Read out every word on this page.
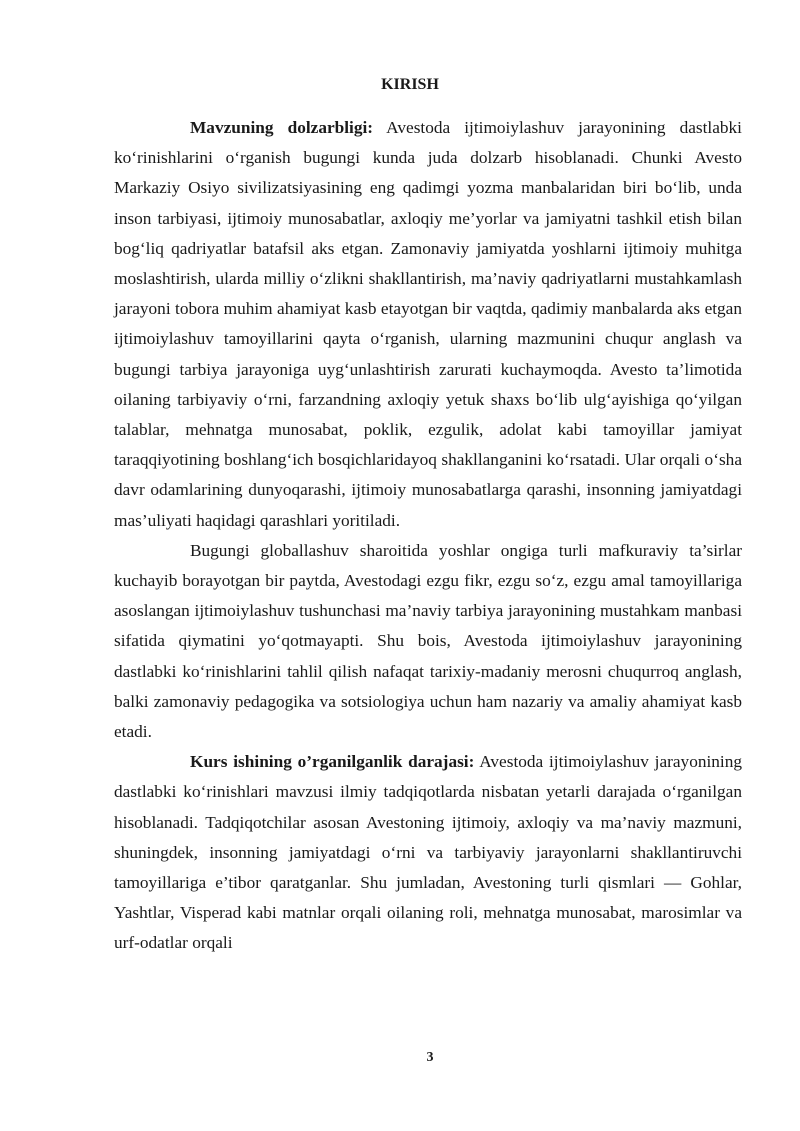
KIRISH

Mavzuning dolzarbligi: Avestoda ijtimoiylashuv jarayonining dastlabki koʻrinishlarini oʻrganish bugungi kunda juda dolzarb hisoblanadi. Chunki Avesto Markaziy Osiyo sivilizatsiyasining eng qadimgi yozma manbalaridan biri boʻlib, unda inson tarbiyasi, ijtimoiy munosabatlar, axloqiy me’yorlar va jamiyatni tashkil etish bilan bogʻliq qadriyatlar batafsil aks etgan. Zamonaviy jamiyatda yoshlarni ijtimoiy muhitga moslashtirish, ularda milliy oʻzlikni shakllantirish, ma’naviy qadriyatlarni mustahkamlash jarayoni tobora muhim ahamiyat kasb etayotgan bir vaqtda, qadimiy manbalarda aks etgan ijtimoiylashuv tamoyillarini qayta oʻrganish, ularning mazmunini chuqur anglash va bugungi tarbiya jarayoniga uygʻunlashtirish zarurati kuchaymoqda. Avesto ta’limotida oilaning tarbiyaviy oʻrni, farzandning axloqiy yetuk shaxs boʻlib ulgʻayishiga qoʻyilgan talablar, mehnatga munosabat, poklik, ezgulik, adolat kabi tamoyillar jamiyat taraqqiyotining boshlangʻich bosqichlaridayoq shakllanganini koʻrsatadi. Ular orqali oʻsha davr odamlarining dunyoqarashi, ijtimoiy munosabatlarga qarashi, insonning jamiyatdagi mas’uliyati haqidagi qarashlari yoritiladi.

Bugungi globallashuv sharoitida yoshlar ongiga turli mafkuraviy ta’sirlar kuchayib borayotgan bir paytda, Avestodagi ezgu fikr, ezgu soʻz, ezgu amal tamoyillariga asoslangan ijtimoiylashuv tushunchasi ma’naviy tarbiya jarayonining mustahkam manbasi sifatida qiymatini yoʻqotmayapti. Shu bois, Avestoda ijtimoiylashuv jarayonining dastlabki koʻrinishlarini tahlil qilish nafaqat tarixiy-madaniy merosni chuqurroq anglash, balki zamonaviy pedagogika va sotsiologiya uchun ham nazariy va amaliy ahamiyat kasb etadi.

Kurs ishining o’rganilganlik darajasi: Avestoda ijtimoiylashuv jarayonining dastlabki koʻrinishlari mavzusi ilmiy tadqiqotlarda nisbatan yetarli darajada oʻrganilgan hisoblanadi. Tadqiqotchilar asosan Avestoning ijtimoiy, axloqiy va ma’naviy mazmuni, shuningdek, insonning jamiyatdagi oʻrni va tarbiyaviy jarayonlarni shakllantiruvchi tamoyillariga e’tibor qaratganlar. Shu jumladan, Avestoning turli qismlari — Gohlar, Yashtlar, Visperad kabi matnlar orqali oilaning roli, mehnatga munosabat, marosimlar va urf-odatlar orqali

3
